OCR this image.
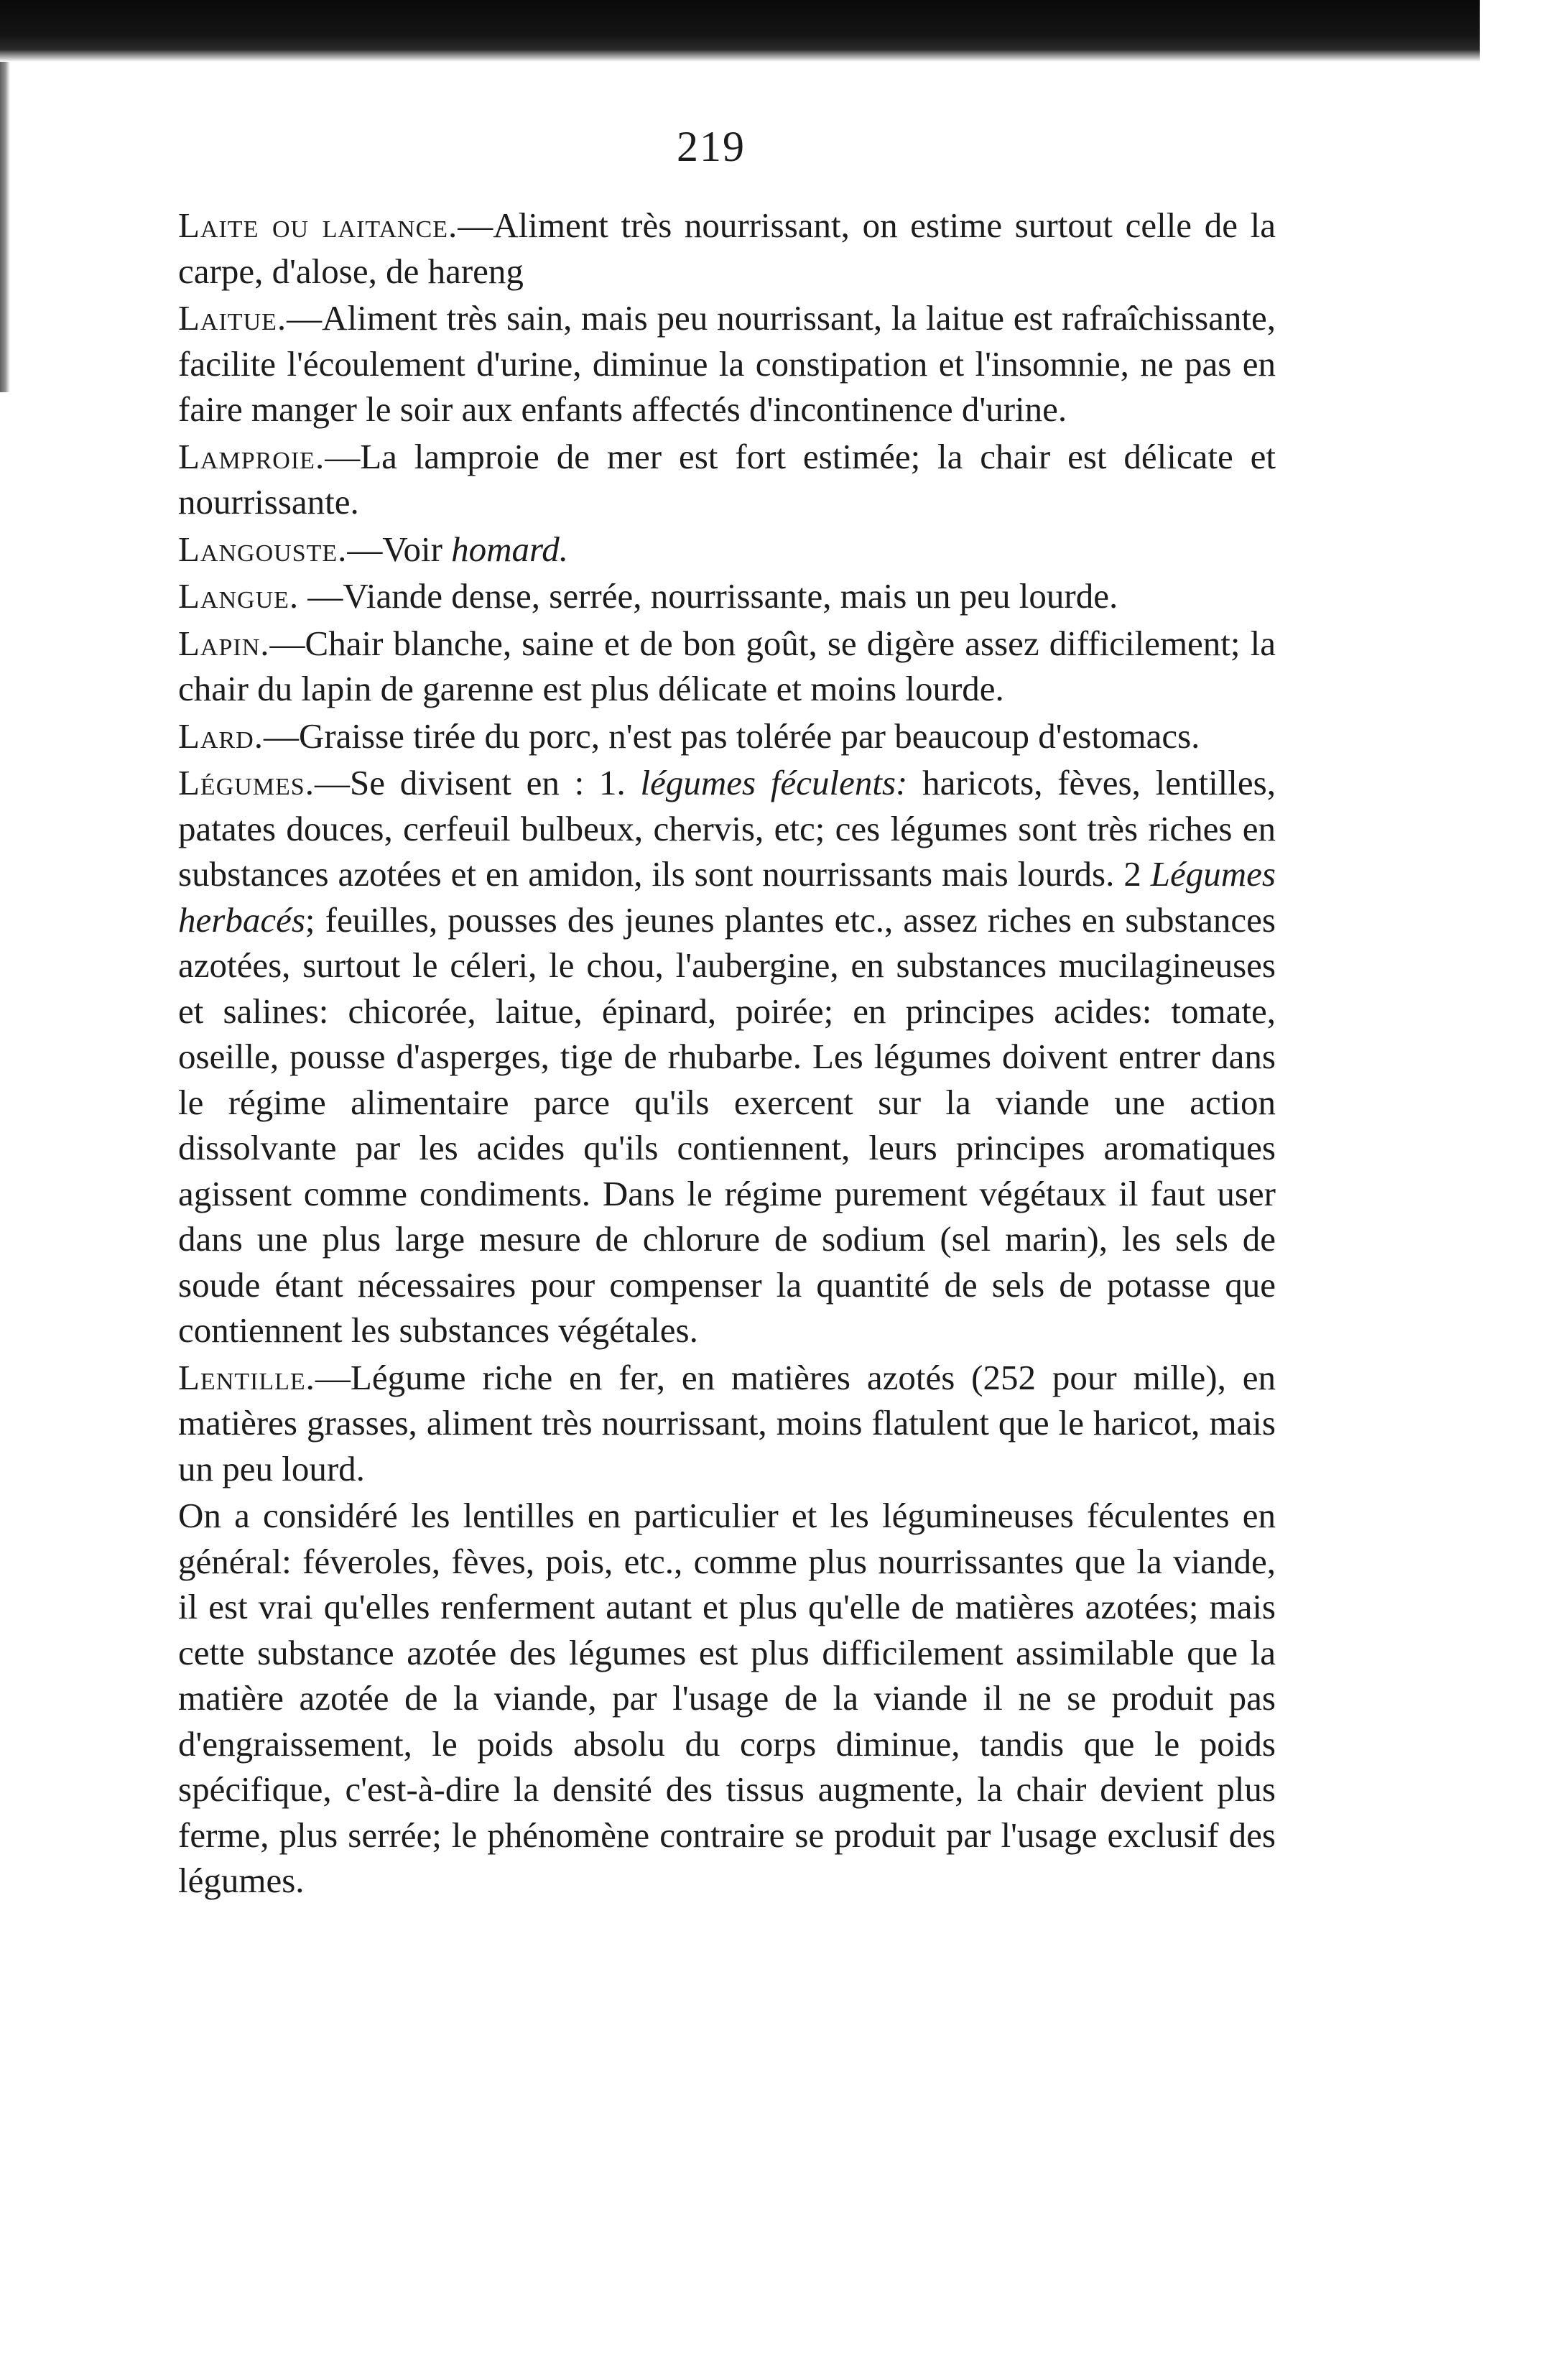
219

Laite ou laitance.—Aliment très nourrissant, on estime surtout celle de la carpe, d'alose, de hareng

Laitue.—Aliment très sain, mais peu nourrissant, la laitue est rafraîchissante, facilite l'écoulement d'urine, diminue la constipation et l'insomnie, ne pas en faire manger le soir aux enfants affectés d'incontinence d'urine.

Lamproie.—La lamproie de mer est fort estimée; la chair est délicate et nourrissante.

Langouste.—Voir homard.

Langue. —Viande dense, serrée, nourrissante, mais un peu lourde.

Lapin.—Chair blanche, saine et de bon goût, se digère assez difficilement; la chair du lapin de garenne est plus délicate et moins lourde.

Lard.—Graisse tirée du porc, n'est pas tolérée par beaucoup d'estomacs.

Légumes.—Se divisent en : 1. légumes féculents: haricots, fèves, lentilles, patates douces, cerfeuil bulbeux, chervis, etc; ces légumes sont très riches en substances azotées et en amidon, ils sont nourrissants mais lourds. 2 Légumes herbacés; feuilles, pousses des jeunes plantes etc., assez riches en substances azotées, surtout le céleri, le chou, l'aubergine, en substances mucilagineuses et salines: chicorée, laitue, épinard, poirée; en principes acides: tomate, oseille, pousse d'asperges, tige de rhubarbe. Les légumes doivent entrer dans le régime alimentaire parce qu'ils exercent sur la viande une action dissolvante par les acides qu'ils contiennent, leurs principes aromatiques agissent comme condiments. Dans le régime purement végétaux il faut user dans une plus large mesure de chlorure de sodium (sel marin), les sels de soude étant nécessaires pour compenser la quantité de sels de potasse que contiennent les substances végétales.

Lentille.—Légume riche en fer, en matières azotés (252 pour mille), en matières grasses, aliment très nourrissant, moins flatulent que le haricot, mais un peu lourd.

On a considéré les lentilles en particulier et les légumineuses féculentes en général: féveroles, fèves, pois, etc., comme plus nourrissantes que la viande, il est vrai qu'elles renferment autant et plus qu'elle de matières azotées; mais cette substance azotée des légumes est plus difficilement assimilable que la matière azotée de la viande, par l'usage de la viande il ne se produit pas d'engraissement, le poids absolu du corps diminue, tandis que le poids spécifique, c'est-à-dire la densité des tissus augmente, la chair devient plus ferme, plus serrée; le phénomène contraire se produit par l'usage exclusif des légumes.
